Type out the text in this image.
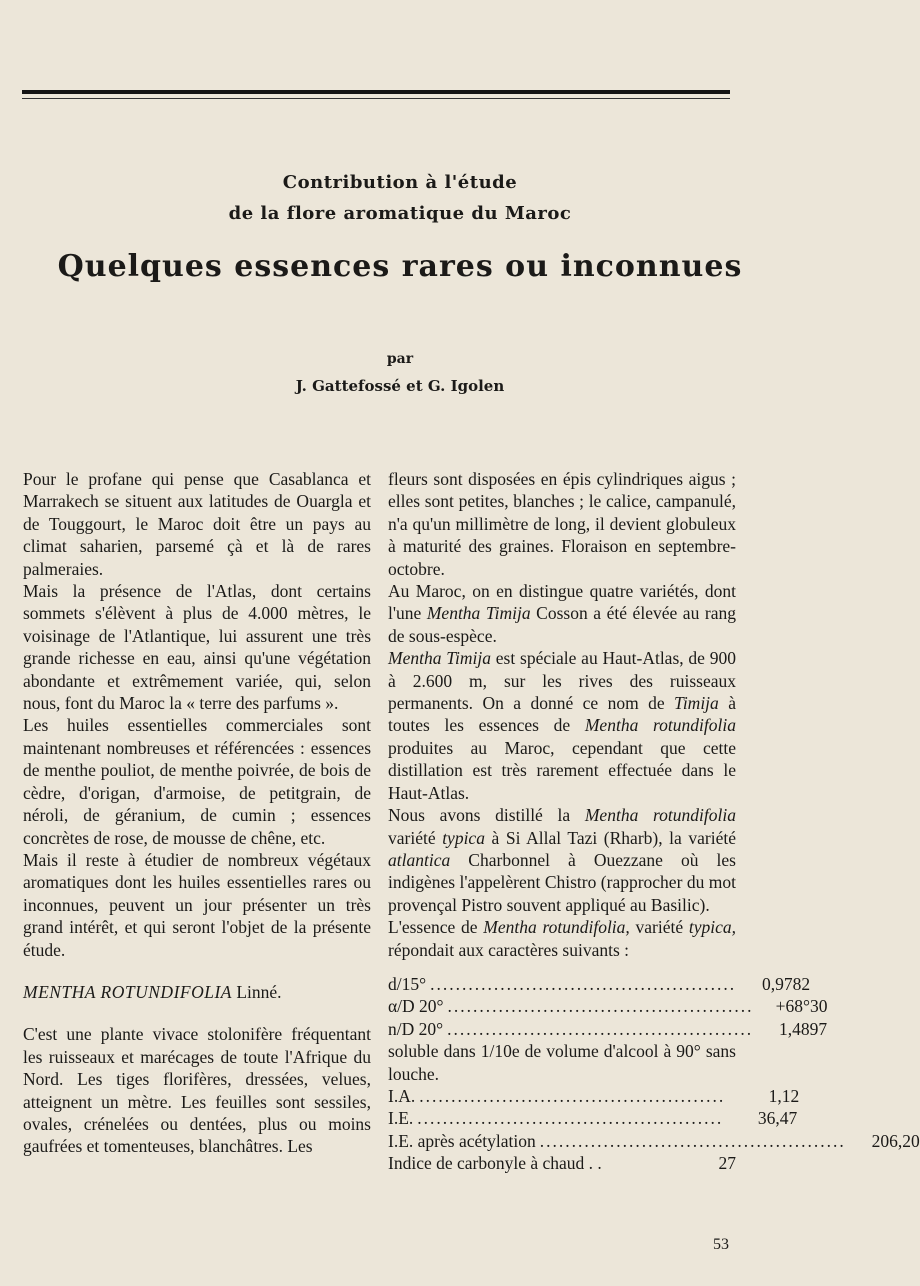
Contribution à l'étude
de la flore aromatique du Maroc
Quelques essences rares ou inconnues
par
J. Gattefossé et G. Igolen

Pour le profane qui pense que Casablanca et Marrakech se situent aux latitudes de Ouargla et de Touggourt, le Maroc doit être un pays au climat saharien, parsemé çà et là de rares palmeraies.

Mais la présence de l'Atlas, dont certains sommets s'élèvent à plus de 4.000 mètres, le voisinage de l'Atlantique, lui assurent une très grande richesse en eau, ainsi qu'une végétation abondante et extrêmement variée, qui, selon nous, font du Maroc la « terre des parfums ».

Les huiles essentielles commerciales sont maintenant nombreuses et référencées : essences de menthe pouliot, de menthe poivrée, de bois de cèdre, d'origan, d'armoise, de petitgrain, de néroli, de géranium, de cumin ; essences concrètes de rose, de mousse de chêne, etc.

Mais il reste à étudier de nombreux végétaux aromatiques dont les huiles essentielles rares ou inconnues, peuvent un jour présenter un très grand intérêt, et qui seront l'objet de la présente étude.

MENTHA ROTUNDIFOLIA Linné.

C'est une plante vivace stolonifère fréquentant les ruisseaux et marécages de toute l'Afrique du Nord. Les tiges florifères, dressées, velues, atteignent un mètre. Les feuilles sont sessiles, ovales, crénelées ou dentées, plus ou moins gaufrées et tomenteuses, blanchâtres. Les

fleurs sont disposées en épis cylindriques aigus ; elles sont petites, blanches ; le calice, campanulé, n'a qu'un millimètre de long, il devient globuleux à maturité des graines. Floraison en septembre-octobre.

Au Maroc, on en distingue quatre variétés, dont l'une Mentha Timija Cosson a été élevée au rang de sous-espèce.

Mentha Timija est spéciale au Haut-Atlas, de 900 à 2.600 m, sur les rives des ruisseaux permanents. On a donné ce nom de Timija à toutes les essences de Mentha rotundifolia produites au Maroc, cependant que cette distillation est très rarement effectuée dans le Haut-Atlas.

Nous avons distillé la Mentha rotundifolia variété typica à Si Allal Tazi (Rharb), la variété atlantica Charbonnel à Ouezzane où les indigènes l'appelèrent Chistro (rapprocher du mot provençal Pistro souvent appliqué au Basilic).

L'essence de Mentha rotundifolia, variété typica, répondait aux caractères suivants :

d/15° ................................................	0,9782
α/D 20° ................................................	+68°30
n/D 20° ................................................	1,4897

soluble dans 1/10e de volume d'alcool à 90° sans louche.

I.A. ................................................	1,12
I.E. ................................................	36,47
I.E. après acétylation ................................................	206,20
Indice de carbonyle à chaud . .	27
53
